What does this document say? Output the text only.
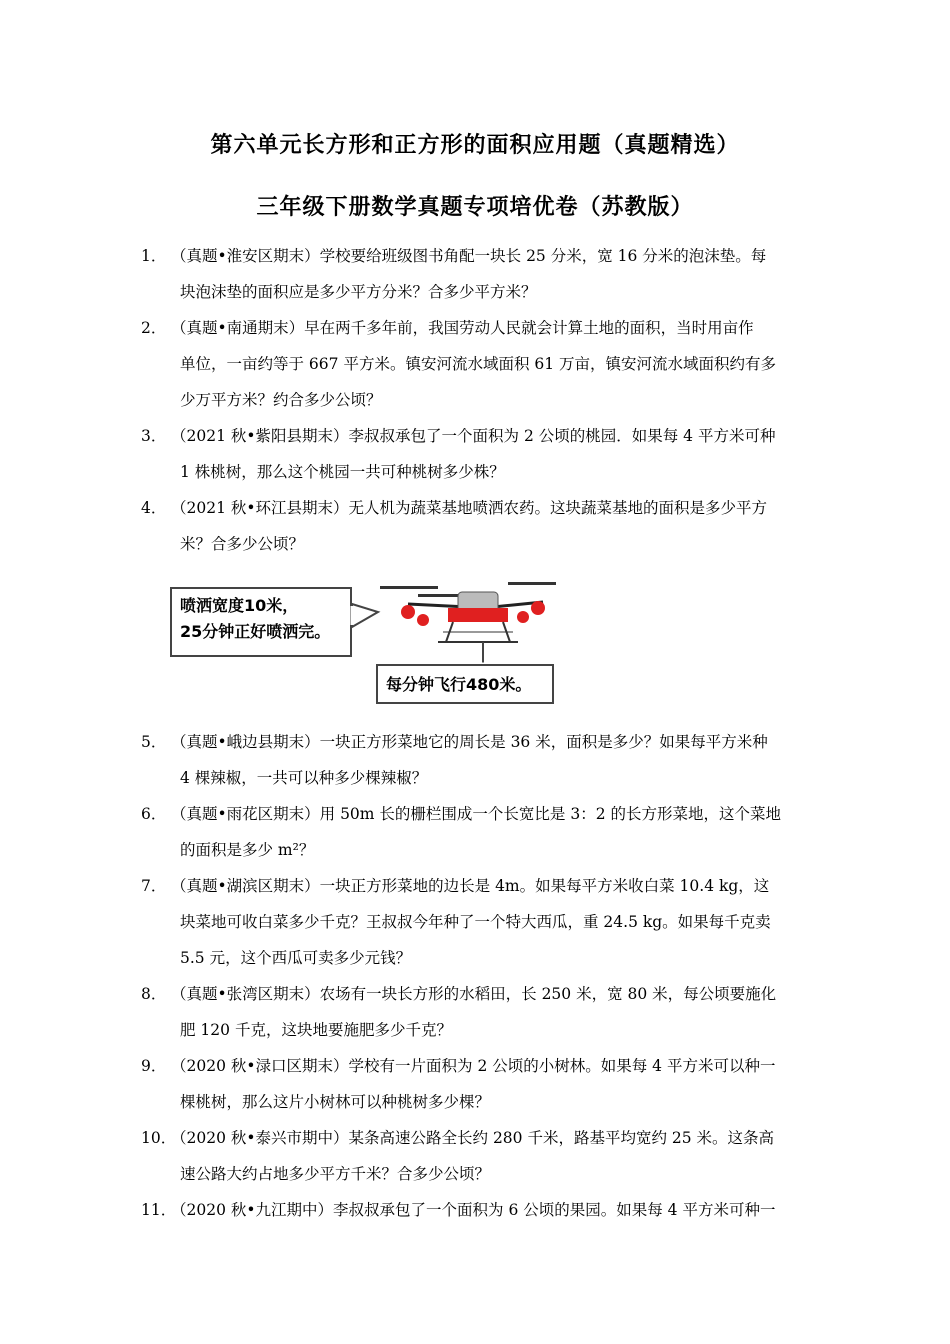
第六单元长方形和正方形的面积应用题（真题精选）
三年级下册数学真题专项培优卷（苏教版）
1． （真题•淮安区期末）学校要给班级图书角配一块长 25 分米，宽 16 分米的泡沫垫。每
块泡沫垫的面积应是多少平方分米？合多少平方米？
2． （真题•南通期末）早在两千多年前，我国劳动人民就会计算土地的面积，当时用亩作
单位，一亩约等于 667 平方米。镇安河流水域面积 61 万亩，镇安河流水域面积约有多
少万平方米？约合多少公顷？
3． （2021 秋•紫阳县期末）李叔叔承包了一个面积为 2 公顷的桃园．如果每 4 平方米可种
1 株桃树，那么这个桃园一共可种桃树多少株？
4． （2021 秋•环江县期末）无人机为蔬菜基地喷洒农药。这块蔬菜基地的面积是多少平方
米？合多少公顷？
喷洒宽度10米，
25分钟正好喷洒完。
每分钟飞行480米。
5． （真题•峨边县期末）一块正方形菜地它的周长是 36 米，面积是多少？如果每平方米种
4 棵辣椒，一共可以种多少棵辣椒？
6． （真题•雨花区期末）用 50m 长的栅栏围成一个长宽比是 3：2 的长方形菜地，这个菜地
的面积是多少 m²？
7． （真题•湖滨区期末）一块正方形菜地的边长是 4m。如果每平方米收白菜 10.4 kg，这
块菜地可收白菜多少千克？王叔叔今年种了一个特大西瓜，重 24.5 kg。如果每千克卖
5.5 元，这个西瓜可卖多少元钱？
8． （真题•张湾区期末）农场有一块长方形的水稻田，长 250 米，宽 80 米，每公顷要施化
肥 120 千克，这块地要施肥多少千克？
9． （2020 秋•渌口区期末）学校有一片面积为 2 公顷的小树林。如果每 4 平方米可以种一
棵桃树，那么这片小树林可以种桃树多少棵？
10．（2020 秋•泰兴市期中）某条高速公路全长约 280 千米，路基平均宽约 25 米。这条高
速公路大约占地多少平方千米？合多少公顷？
11．（2020 秋•九江期中）李叔叔承包了一个面积为 6 公顷的果园。如果每 4 平方米可种一
